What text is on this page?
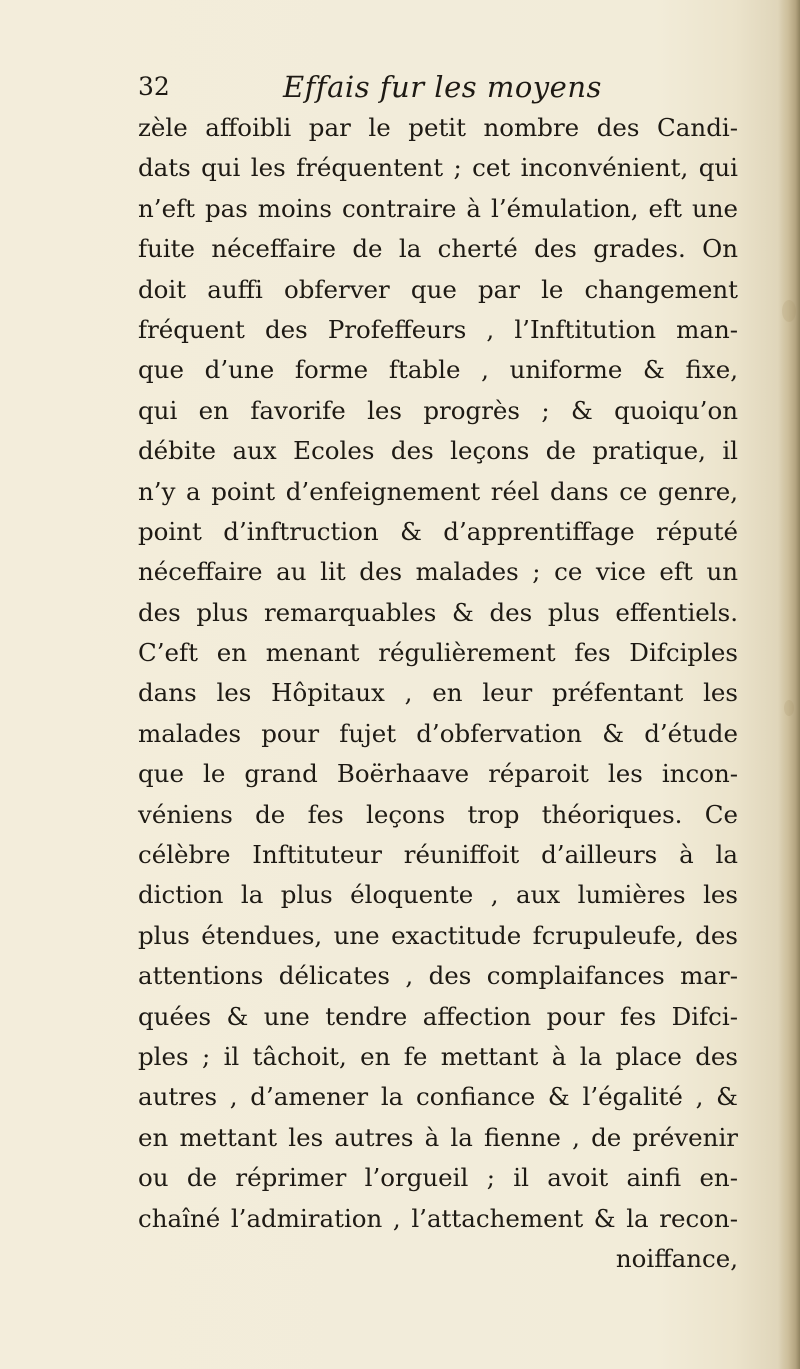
32	Effais fur les moyens
zèle affoibli par le petit nombre des Candi-
dats qui les fréquentent ; cet inconvénient, qui
n’eft pas moins contraire à l’émulation, eft une
fuite néceffaire de la cherté des grades. On
doit auffi obferver que par le changement
fréquent des Profeffeurs , l’Inftitution man-
que d’une forme ftable , uniforme & fixe,
qui en favorife les progrès ; & quoiqu’on
débite aux Ecoles des leçons de pratique, il
n’y a point d’enfeignement réel dans ce genre,
point d’inftruction & d’apprentiffage réputé
néceffaire au lit des malades ; ce vice eft un
des plus remarquables & des plus effentiels.
C’eft en menant régulièrement fes Difciples
dans les Hôpitaux , en leur préfentant les
malades pour fujet d’obfervation & d’étude
que le grand Boërhaave réparoit les incon-
véniens de fes leçons trop théoriques. Ce
célèbre Inftituteur réuniffoit d’ailleurs à la
diction la plus éloquente , aux lumières les
plus étendues, une exactitude fcrupuleufe, des
attentions délicates , des complaifances mar-
quées & une tendre affection pour fes Difci-
ples ; il tâchoit, en fe mettant à la place des
autres , d’amener la confiance & l’égalité , &
en mettant les autres à la fienne , de prévenir
ou de réprimer l’orgueil ; il avoit ainfi en-
chaîné l’admiration , l’attachement & la recon-
noiffance,
